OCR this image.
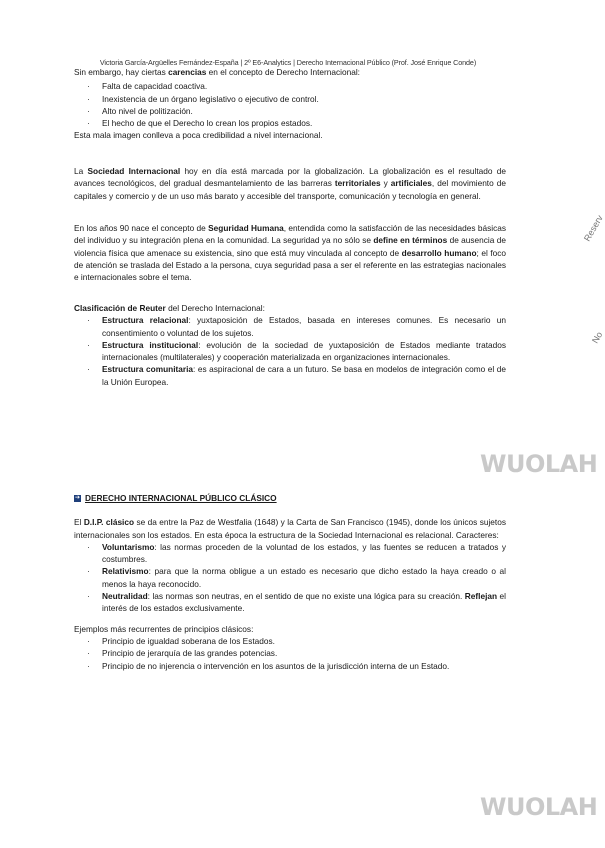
Victoria García-Argüelles Fernández-España | 2º E6-Analytics | Derecho Internacional Público (Prof. José Enrique Conde)

Sin embargo, hay ciertas carencias en el concepto de Derecho Internacional:

· Falta de capacidad coactiva.
· Inexistencia de un órgano legislativo o ejecutivo de control.
· Alto nivel de politización.
· El hecho de que el Derecho lo crean los propios estados.

Esta mala imagen conlleva a poca credibilidad a nivel internacional.

La Sociedad Internacional hoy en día está marcada por la globalización. La globalización es el resultado de avances tecnológicos, del gradual desmantelamiento de las barreras territoriales y artificiales, del movimiento de capitales y comercio y de un uso más barato y accesible del transporte, comunicación y tecnología en general.

En los años 90 nace el concepto de Seguridad Humana, entendida como la satisfacción de las necesidades básicas del individuo y su integración plena en la comunidad. La seguridad ya no sólo se define en términos de ausencia de violencia física que amenace su existencia, sino que está muy vinculada al concepto de desarrollo humano; el foco de atención se traslada del Estado a la persona, cuya seguridad pasa a ser el referente en las estrategias nacionales e internacionales sobre el tema.

Clasificación de Reuter del Derecho Internacional:

· Estructura relacional: yuxtaposición de Estados, basada en intereses comunes. Es necesario un consentimiento o voluntad de los sujetos.
· Estructura institucional: evolución de la sociedad de yuxtaposición de Estados mediante tratados internacionales (multilaterales) y cooperación materializada en organizaciones internacionales.
· Estructura comunitaria: es aspiracional de cara a un futuro. Se basa en modelos de integración como el de la Unión Europea.
➔ DERECHO INTERNACIONAL PÚBLICO CLÁSICO

El D.I.P. clásico se da entre la Paz de Westfalia (1648) y la Carta de San Francisco (1945), donde los únicos sujetos internacionales son los estados. En esta época la estructura de la Sociedad Internacional es relacional. Caracteres:

· Voluntarismo: las normas proceden de la voluntad de los estados, y las fuentes se reducen a tratados y costumbres.
· Relativismo: para que la norma obligue a un estado es necesario que dicho estado la haya creado o al menos la haya reconocido.
· Neutralidad: las normas son neutras, en el sentido de que no existe una lógica para su creación. Reflejan el interés de los estados exclusivamente.

Ejemplos más recurrentes de principios clásicos:

· Principio de igualdad soberana de los Estados.
· Principio de jerarquía de las grandes potencias.
· Principio de no injerencia o intervención en los asuntos de la jurisdicción interna de un Estado.
Reserv
No
WUOLAH
WUOLAH
